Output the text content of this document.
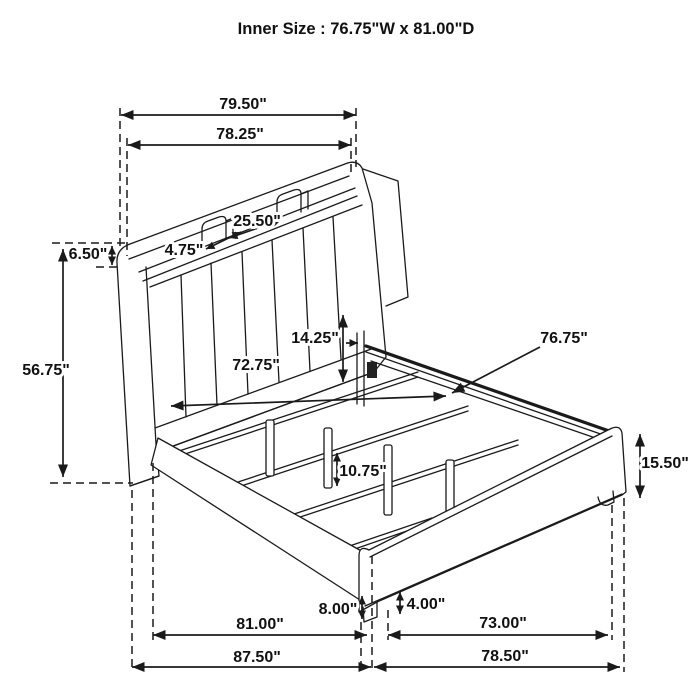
Inner Size : 76.75"W x 81.00"D
79.50"
78.25"
6.50"
56.75"
25.50"
4.75"
14.25"
72.75"
76.75"
15.50"
10.75"
8.00"	4.00"
81.00"	73.00"
87.50"	78.50"
